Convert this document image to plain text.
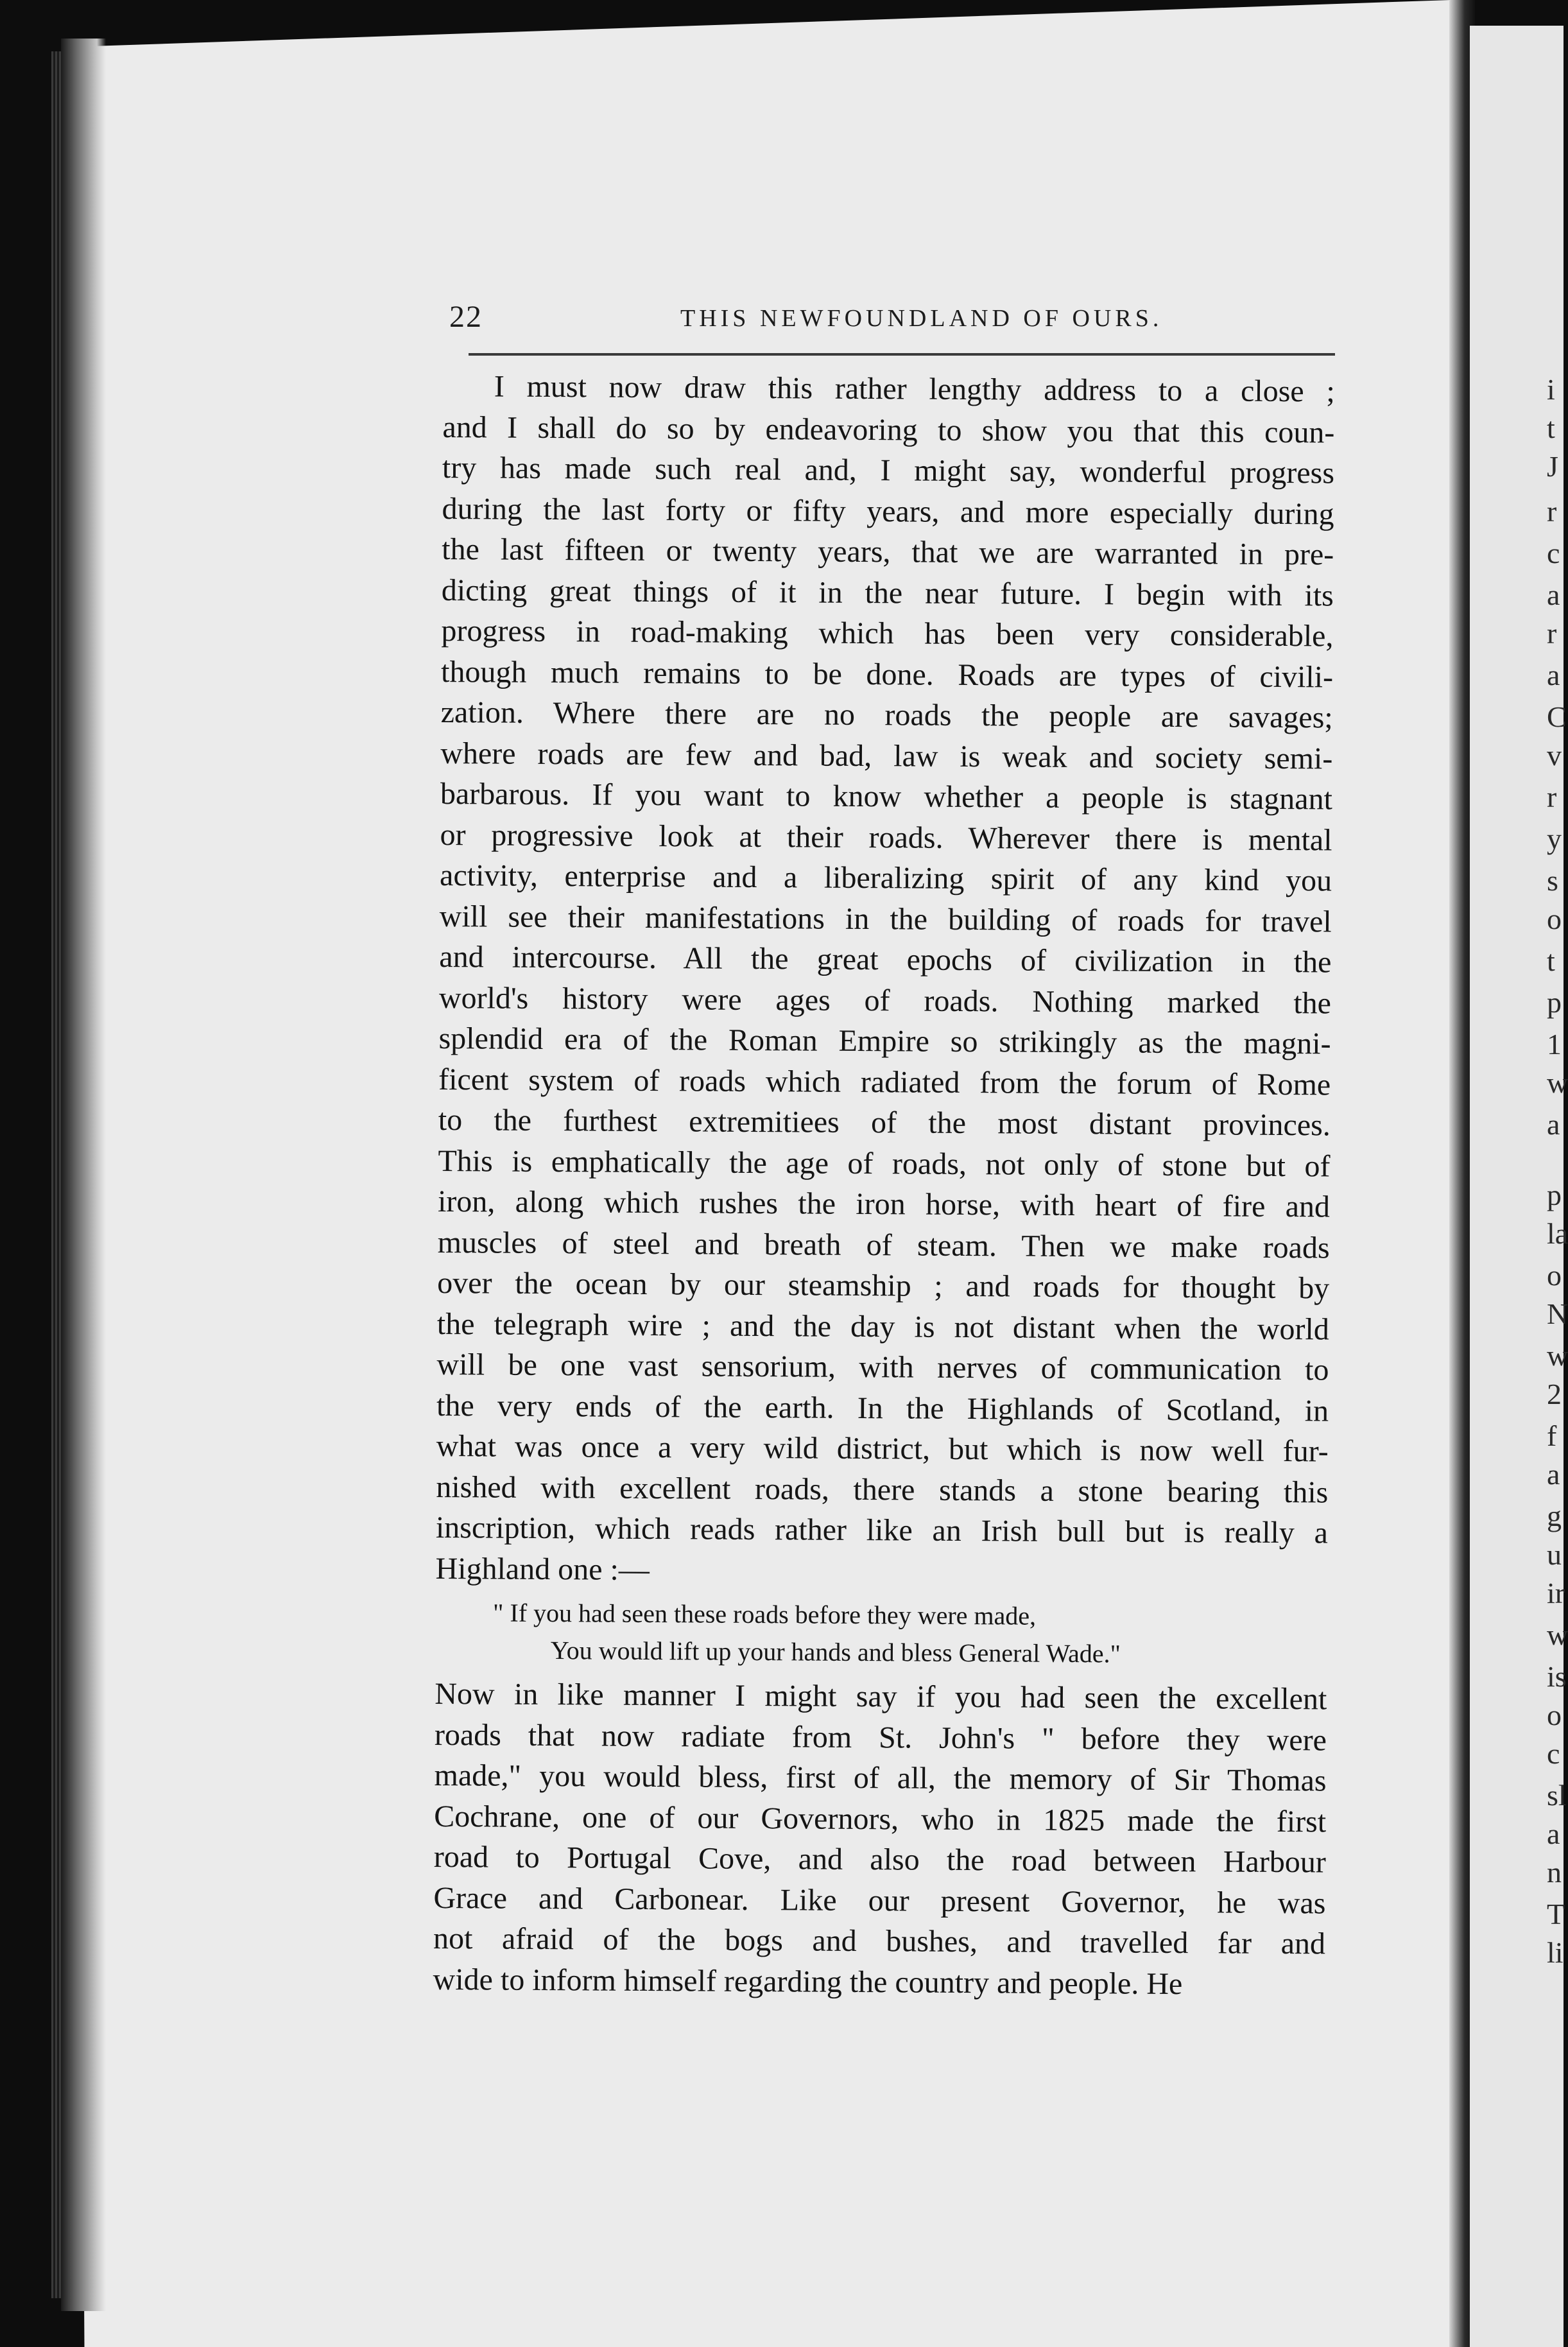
i
t
J
r
c
a
r
a
C
v
r
y
s
o
t
p
1
w
a
p
la
o
N
w
2
f
a
g
u
ir
w
is
o
c
sl
a
n
T
li
22	THIS NEWFOUNDLAND OF OURS.
I must now draw this rather lengthy address to a close ;
and I shall do so by endeavoring to show you that this coun-
try has made such real and, I might say, wonderful progress
during the last forty or fifty years, and more especially during
the last fifteen or twenty years, that we are warranted in pre-
dicting great things of it in the near future. I begin with its
progress in road-making which has been very considerable,
though much remains to be done. Roads are types of civili-
zation. Where there are no roads the people are savages;
where roads are few and bad, law is weak and society semi-
barbarous. If you want to know whether a people is stagnant
or progressive look at their roads. Wherever there is mental
activity, enterprise and a liberalizing spirit of any kind you
will see their manifestations in the building of roads for travel
and intercourse. All the great epochs of civilization in the
world's history were ages of roads. Nothing marked the
splendid era of the Roman Empire so strikingly as the magni-
ficent system of roads which radiated from the forum of Rome
to the furthest extremitiees of the most distant provinces.
This is emphatically the age of roads, not only of stone but of
iron, along which rushes the iron horse, with heart of fire and
muscles of steel and breath of steam. Then we make roads
over the ocean by our steamship ; and roads for thought by
the telegraph wire ; and the day is not distant when the world
will be one vast sensorium, with nerves of communication to
the very ends of the earth. In the Highlands of Scotland, in
what was once a very wild district, but which is now well fur-
nished with excellent roads, there stands a stone bearing this
inscription, which reads rather like an Irish bull but is really a
Highland one :—
" If you had seen these roads before they were made,
You would lift up your hands and bless General Wade."
Now in like manner I might say if you had seen the excellent
roads that now radiate from St. John's " before they were
made," you would bless, first of all, the memory of Sir Thomas
Cochrane, one of our Governors, who in 1825 made the first
road to Portugal Cove, and also the road between Harbour
Grace and Carbonear. Like our present Governor, he was
not afraid of the bogs and bushes, and travelled far and
wide to inform himself regarding the country and people. He
